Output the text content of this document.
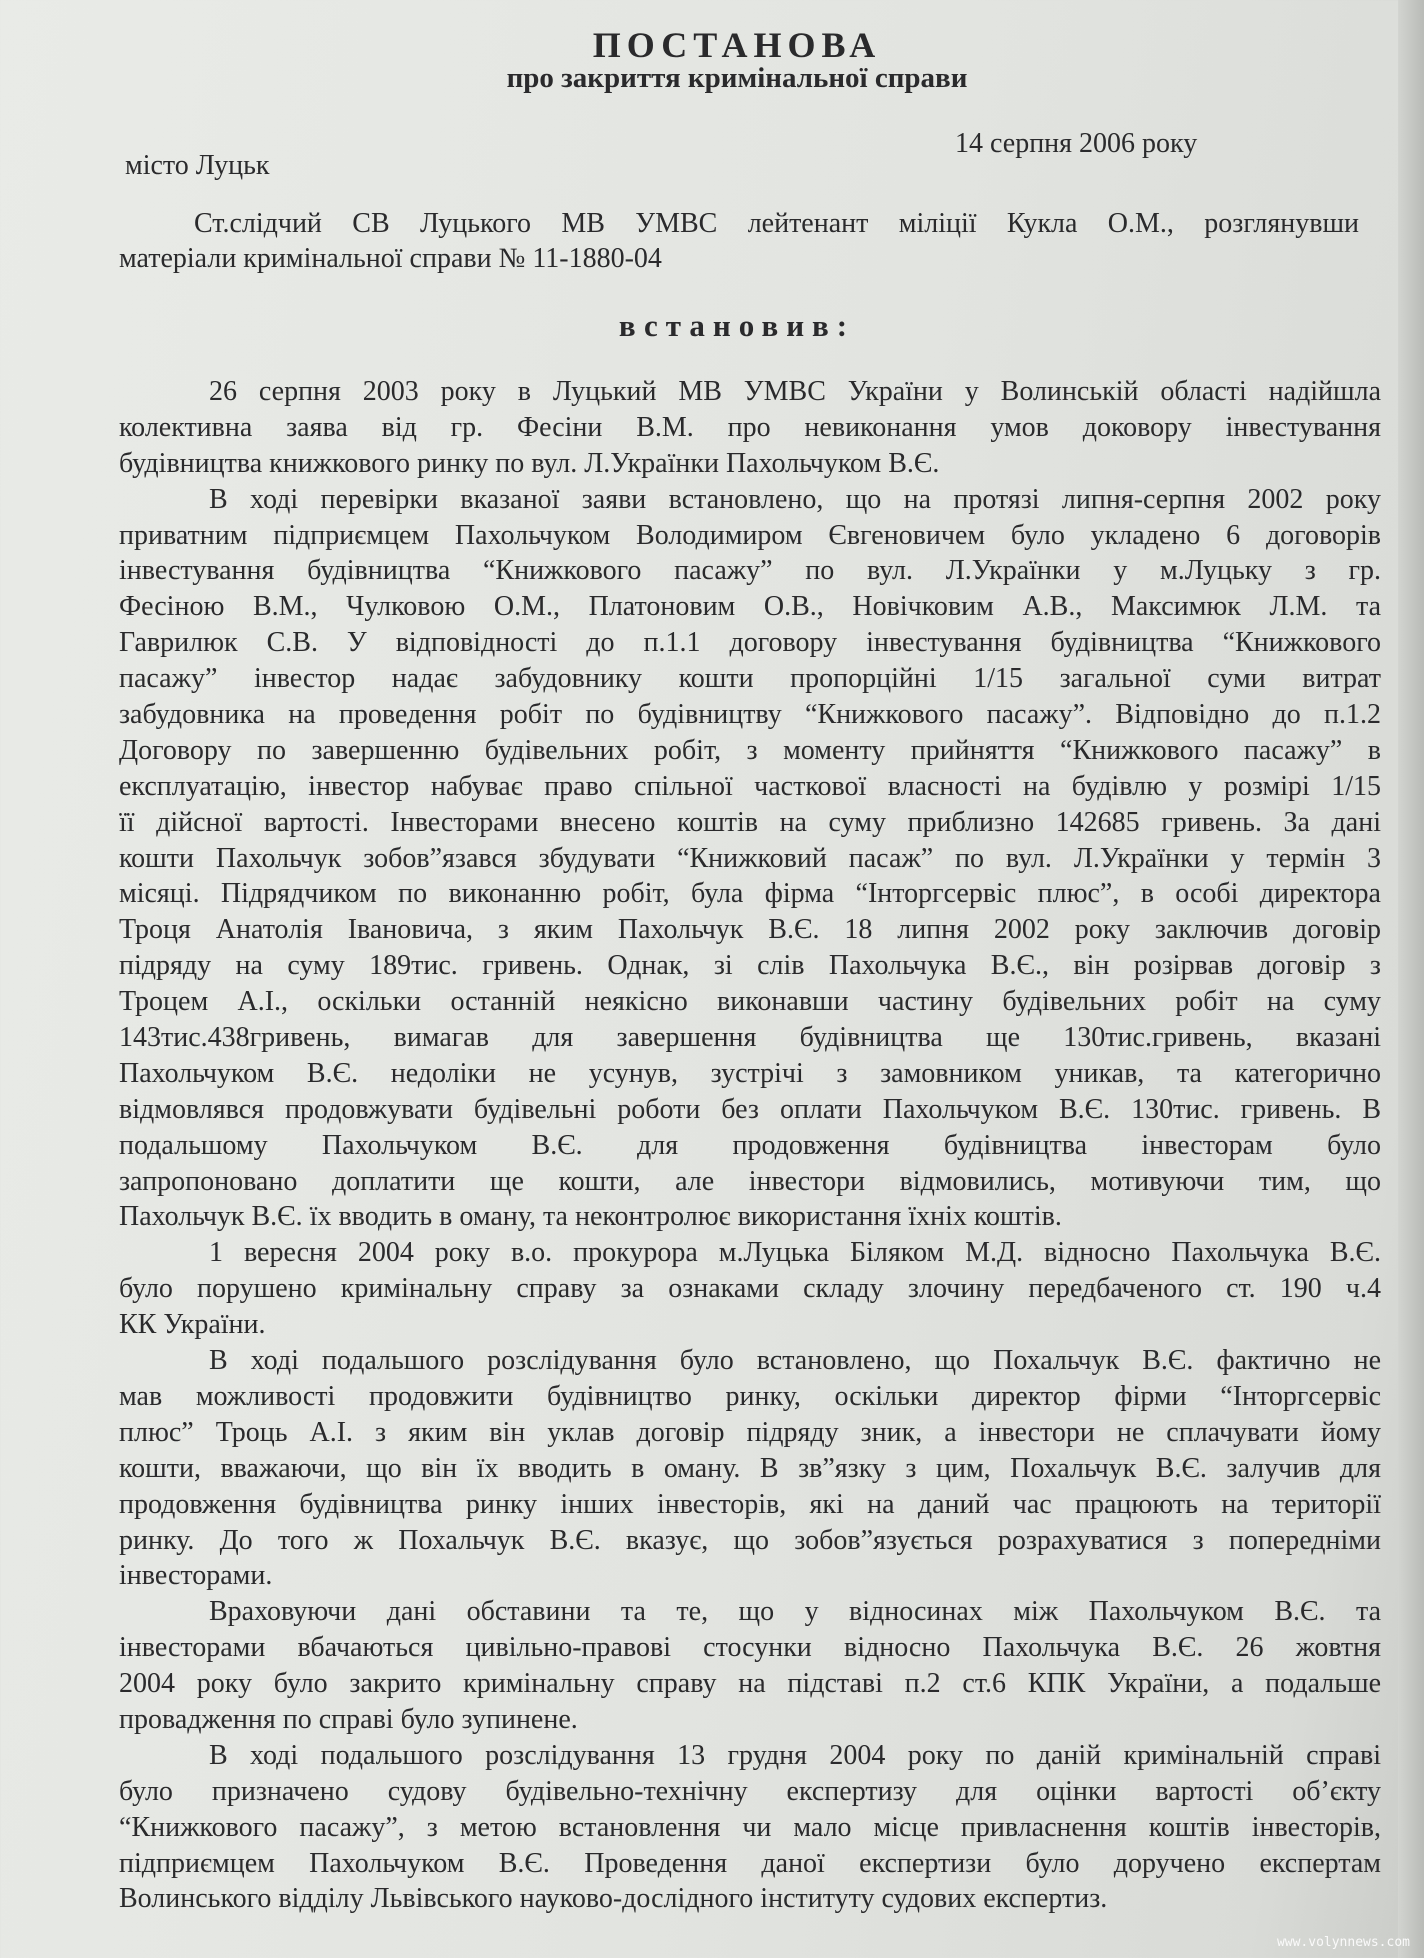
ПОСТАНОВА
про закриття кримінальної справи
14 серпня 2006 року
місто Луцьк
Ст.слідчий СВ Луцького МВ УМВС лейтенант міліції Кукла О.М., розглянувши
матеріали кримінальної справи № 11-1880-04
встановив:
26 серпня 2003 року в Луцький МВ УМВС України у Волинській області надійшла
колективна заява від гр. Фесіни В.М. про невиконання умов доковору інвестування
будівництва книжкового ринку по вул. Л.Українки Пахольчуком В.Є.
В ході перевірки вказаної заяви встановлено, що на протязі липня-серпня 2002 року
приватним підприємцем Пахольчуком Володимиром Євгеновичем було укладено 6 договорів
інвестування будівництва “Книжкового пасажу” по вул. Л.Українки у м.Луцьку з гр.
Фесіною В.М., Чулковою О.М., Платоновим О.В., Новічковим А.В., Максимюк Л.М. та
Гаврилюк С.В. У відповідності до п.1.1 договору інвестування будівництва “Книжкового
пасажу” інвестор надає забудовнику кошти пропорційні 1/15 загальної суми витрат
забудовника на проведення робіт по будівництву “Книжкового пасажу”. Відповідно до п.1.2
Договору по завершенню будівельних робіт, з моменту прийняття “Книжкового пасажу” в
експлуатацію, інвестор набуває право спільної часткової власності на будівлю у розмірі 1/15
її дійсної вартості. Інвесторами внесено коштів на суму приблизно 142685 гривень. За дані
кошти Пахольчук зобов”язався збудувати “Книжковий пасаж” по вул. Л.Українки у термін 3
місяці. Підрядчиком по виконанню робіт, була фірма “Інторгсервіс плюс”, в особі директора
Троця Анатолія Івановича, з яким Пахольчук В.Є. 18 липня 2002 року заключив договір
підряду на суму 189тис. гривень. Однак, зі слів Пахольчука В.Є., він розірвав договір з
Троцем А.І., оскільки останній неякісно виконавши частину будівельних робіт на суму
143тис.438гривень, вимагав для завершення будівництва ще 130тис.гривень, вказані
Пахольчуком В.Є. недоліки не усунув, зустрічі з замовником уникав, та категорично
відмовлявся продовжувати будівельні роботи без оплати Пахольчуком В.Є. 130тис. гривень. В
подальшому Пахольчуком В.Є. для продовження будівництва інвесторам було
запропоновано доплатити ще кошти, але інвестори відмовились, мотивуючи тим, що
Пахольчук В.Є. їх вводить в оману, та неконтролює використання їхніх коштів.
1 вересня 2004 року в.о. прокурора м.Луцька Біляком М.Д. відносно Пахольчука В.Є.
було порушено кримінальну справу за ознаками складу злочину передбаченого ст. 190 ч.4
КК України.
В ході подальшого розслідування було встановлено, що Похальчук В.Є. фактично не
мав можливості продовжити будівництво ринку, оскільки директор фірми “Інторгсервіс
плюс” Троць А.І. з яким він уклав договір підряду зник, а інвестори не сплачувати йому
кошти, вважаючи, що він їх вводить в оману. В зв”язку з цим, Похальчук В.Є. залучив для
продовження будівництва ринку інших інвесторів, які на даний час працюють на території
ринку. До того ж Похальчук В.Є. вказує, що зобов”язується розрахуватися з попередніми
інвесторами.
Враховуючи дані обставини та те, що у відносинах між Пахольчуком В.Є. та
інвесторами вбачаються цивільно-правові стосунки відносно Пахольчука В.Є. 26 жовтня
2004 року було закрито кримінальну справу на підставі п.2 ст.6 КПК України, а подальше
провадження по справі було зупинене.
В ході подальшого розслідування 13 грудня 2004 року по даній кримінальній справі
було призначено судову будівельно-технічну експертизу для оцінки вартості об’єкту
“Книжкового пасажу”, з метою встановлення чи мало місце привласнення коштів інвесторів,
підприємцем Пахольчуком В.Є. Проведення даної експертизи було доручено експертам
Волинського відділу Львівського науково-дослідного інституту судових експертиз.
www.volynnews.com
